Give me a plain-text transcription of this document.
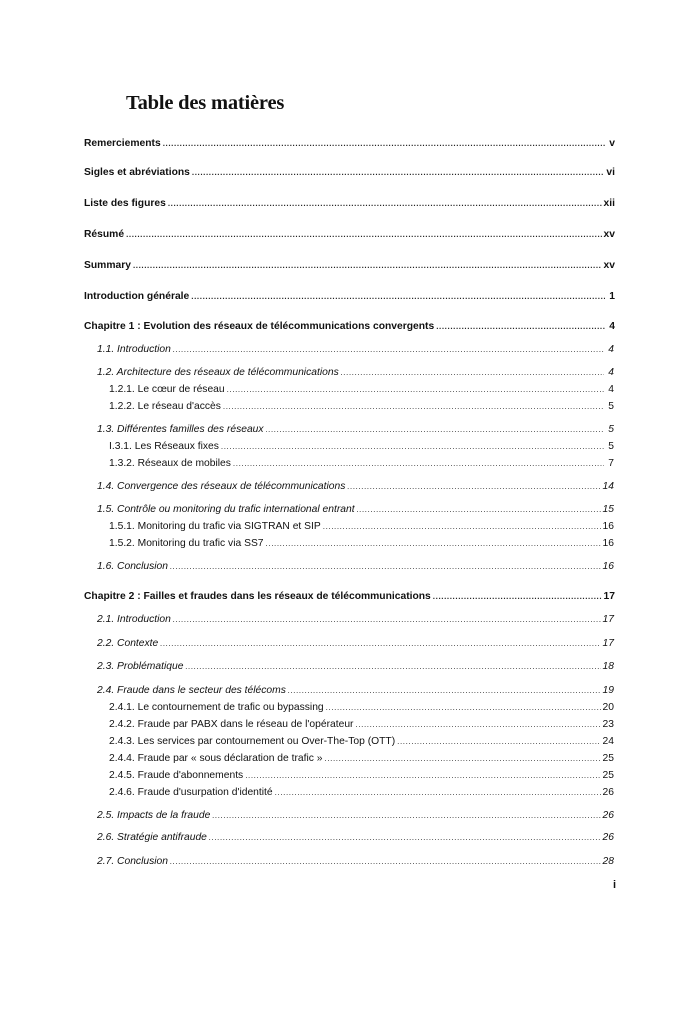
Table des matières
Remerciements .....	v
Sigles et abréviations .....	vi
Liste des figures .....	xii
Résumé .....	xv
Summary .....	xv
Introduction générale .....	1
Chapitre 1 : Evolution des réseaux de télécommunications convergents .....	4
1.1. Introduction .....	4
1.2. Architecture des réseaux de télécommunications .....	4
1.2.1. Le cœur de réseau .....	4
1.2.2. Le réseau d'accès .....	5
1.3. Différentes familles des réseaux .....	5
I.3.1. Les Réseaux fixes .....	5
1.3.2. Réseaux de mobiles .....	7
1.4. Convergence des réseaux de télécommunications .....	14
1.5. Contrôle ou monitoring du trafic international entrant .....	15
1.5.1. Monitoring du trafic via SIGTRAN et SIP .....	16
1.5.2. Monitoring du trafic via SS7 .....	16
1.6. Conclusion .....	16
Chapitre 2 : Failles et fraudes dans les réseaux de télécommunications .....	17
2.1. Introduction .....	17
2.2. Contexte .....	17
2.3. Problématique .....	18
2.4. Fraude dans le secteur des télécoms .....	19
2.4.1. Le contournement de trafic ou bypassing .....	20
2.4.2. Fraude par PABX dans le réseau de l'opérateur .....	23
2.4.3. Les services par contournement ou Over-The-Top (OTT) .....	24
2.4.4. Fraude par « sous déclaration de trafic » .....	25
2.4.5. Fraude d'abonnements .....	25
2.4.6. Fraude d'usurpation d'identité .....	26
2.5. Impacts de la fraude .....	26
2.6. Stratégie antifraude .....	26
2.7. Conclusion .....	28
i
